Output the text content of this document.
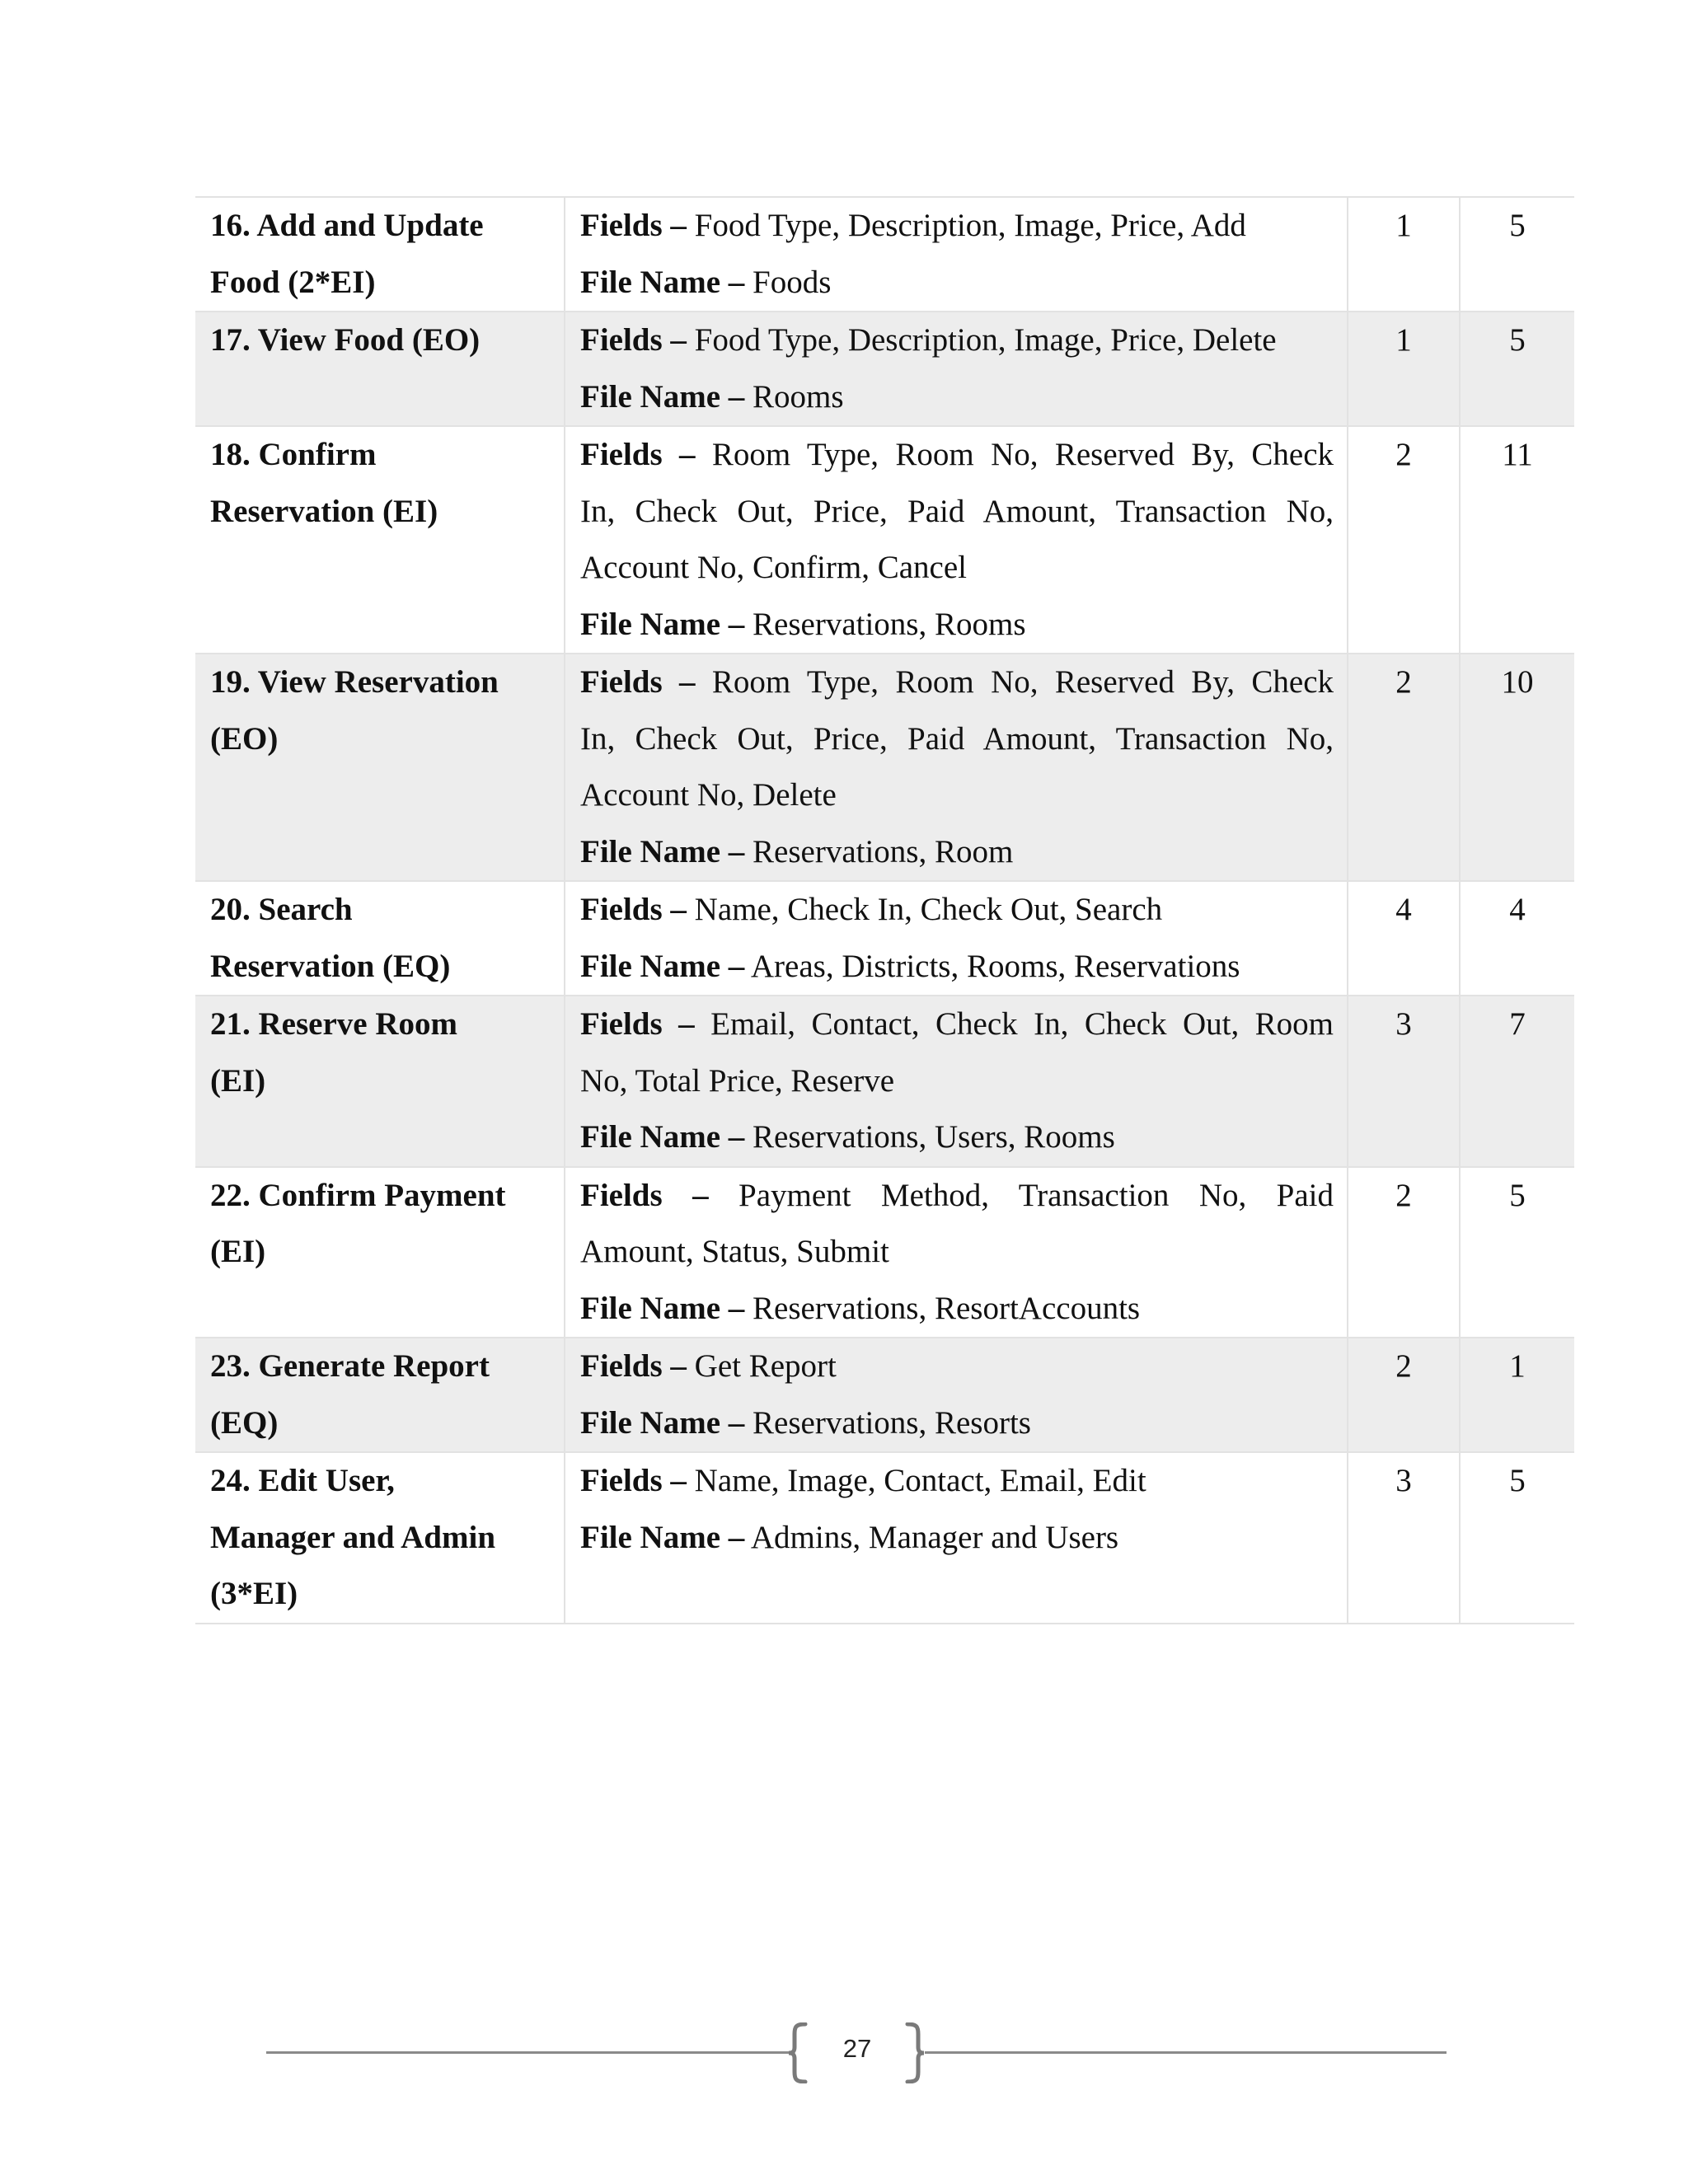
16. Add and Update
Food (2*EI)	Fields – Food Type, Description, Image, Price, Add
File Name – Foods	1	5

17. View Food (EO)	Fields – Food Type, Description, Image, Price, Delete
File Name – Rooms	1	5

18. Confirm
Reservation (EI)	Fields – Room Type, Room No, Reserved By, Check
In, Check Out, Price, Paid Amount, Transaction No,
Account No, Confirm, Cancel
File Name – Reservations, Rooms	2	11

19. View Reservation
(EO)	Fields – Room Type, Room No, Reserved By, Check
In, Check Out, Price, Paid Amount, Transaction No,
Account No, Delete
File Name – Reservations, Room	2	10

20. Search
Reservation (EQ)	Fields – Name, Check In, Check Out, Search
File Name – Areas, Districts, Rooms, Reservations	4	4

21. Reserve Room
(EI)	Fields – Email, Contact, Check In, Check Out, Room
No, Total Price, Reserve
File Name – Reservations, Users, Rooms	3	7

22. Confirm Payment
(EI)	Fields – Payment Method, Transaction No, Paid
Amount, Status, Submit
File Name – Reservations, ResortAccounts	2	5

23. Generate Report
(EQ)	Fields – Get Report
File Name – Reservations, Resorts	2	1

24. Edit User,
Manager and Admin
(3*EI)	Fields – Name, Image, Contact, Email, Edit
File Name – Admins, Manager and Users	3	5
27
